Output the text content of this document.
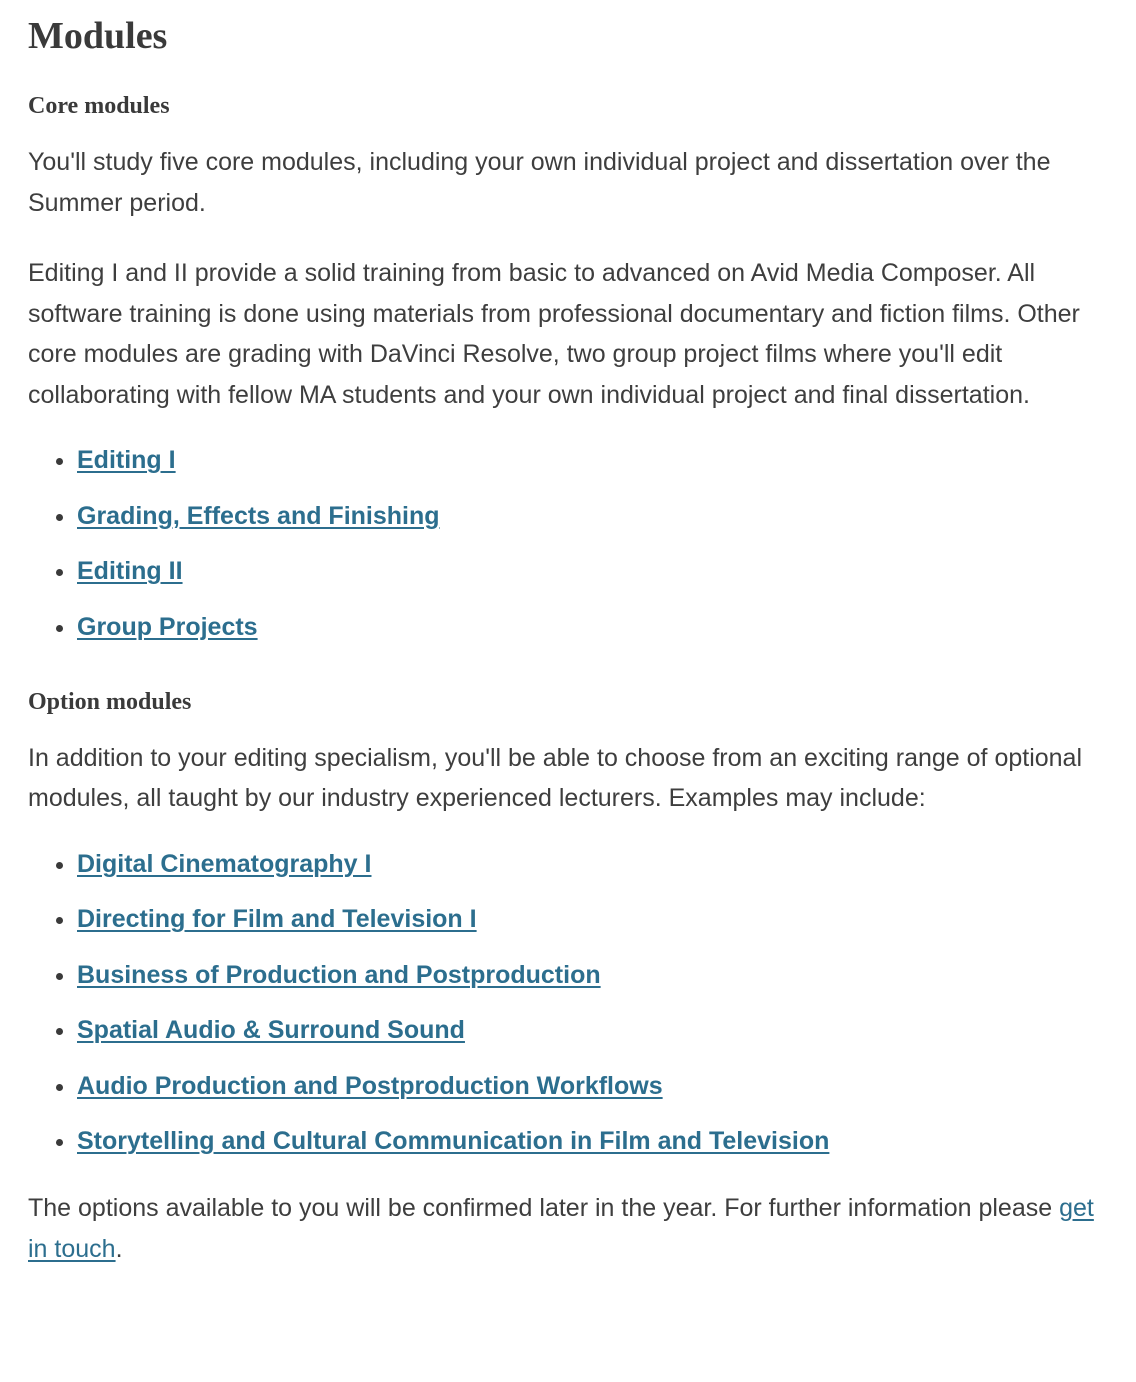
Modules
Core modules

You'll study five core modules, including your own individual project and dissertation over the Summer period.

Editing I and II provide a solid training from basic to advanced on Avid Media Composer. All software training is done using materials from professional documentary and fiction films. Other core modules are grading with DaVinci Resolve, two group project films where you'll edit collaborating with fellow MA students and your own individual project and final dissertation.

• Editing I
• Grading, Effects and Finishing
• Editing II
• Group Projects
Option modules

In addition to your editing specialism, you'll be able to choose from an exciting range of optional modules, all taught by our industry experienced lecturers. Examples may include:

• Digital Cinematography I
• Directing for Film and Television I
• Business of Production and Postproduction
• Spatial Audio & Surround Sound
• Audio Production and Postproduction Workflows
• Storytelling and Cultural Communication in Film and Television

The options available to you will be confirmed later in the year. For further information please get in touch.
